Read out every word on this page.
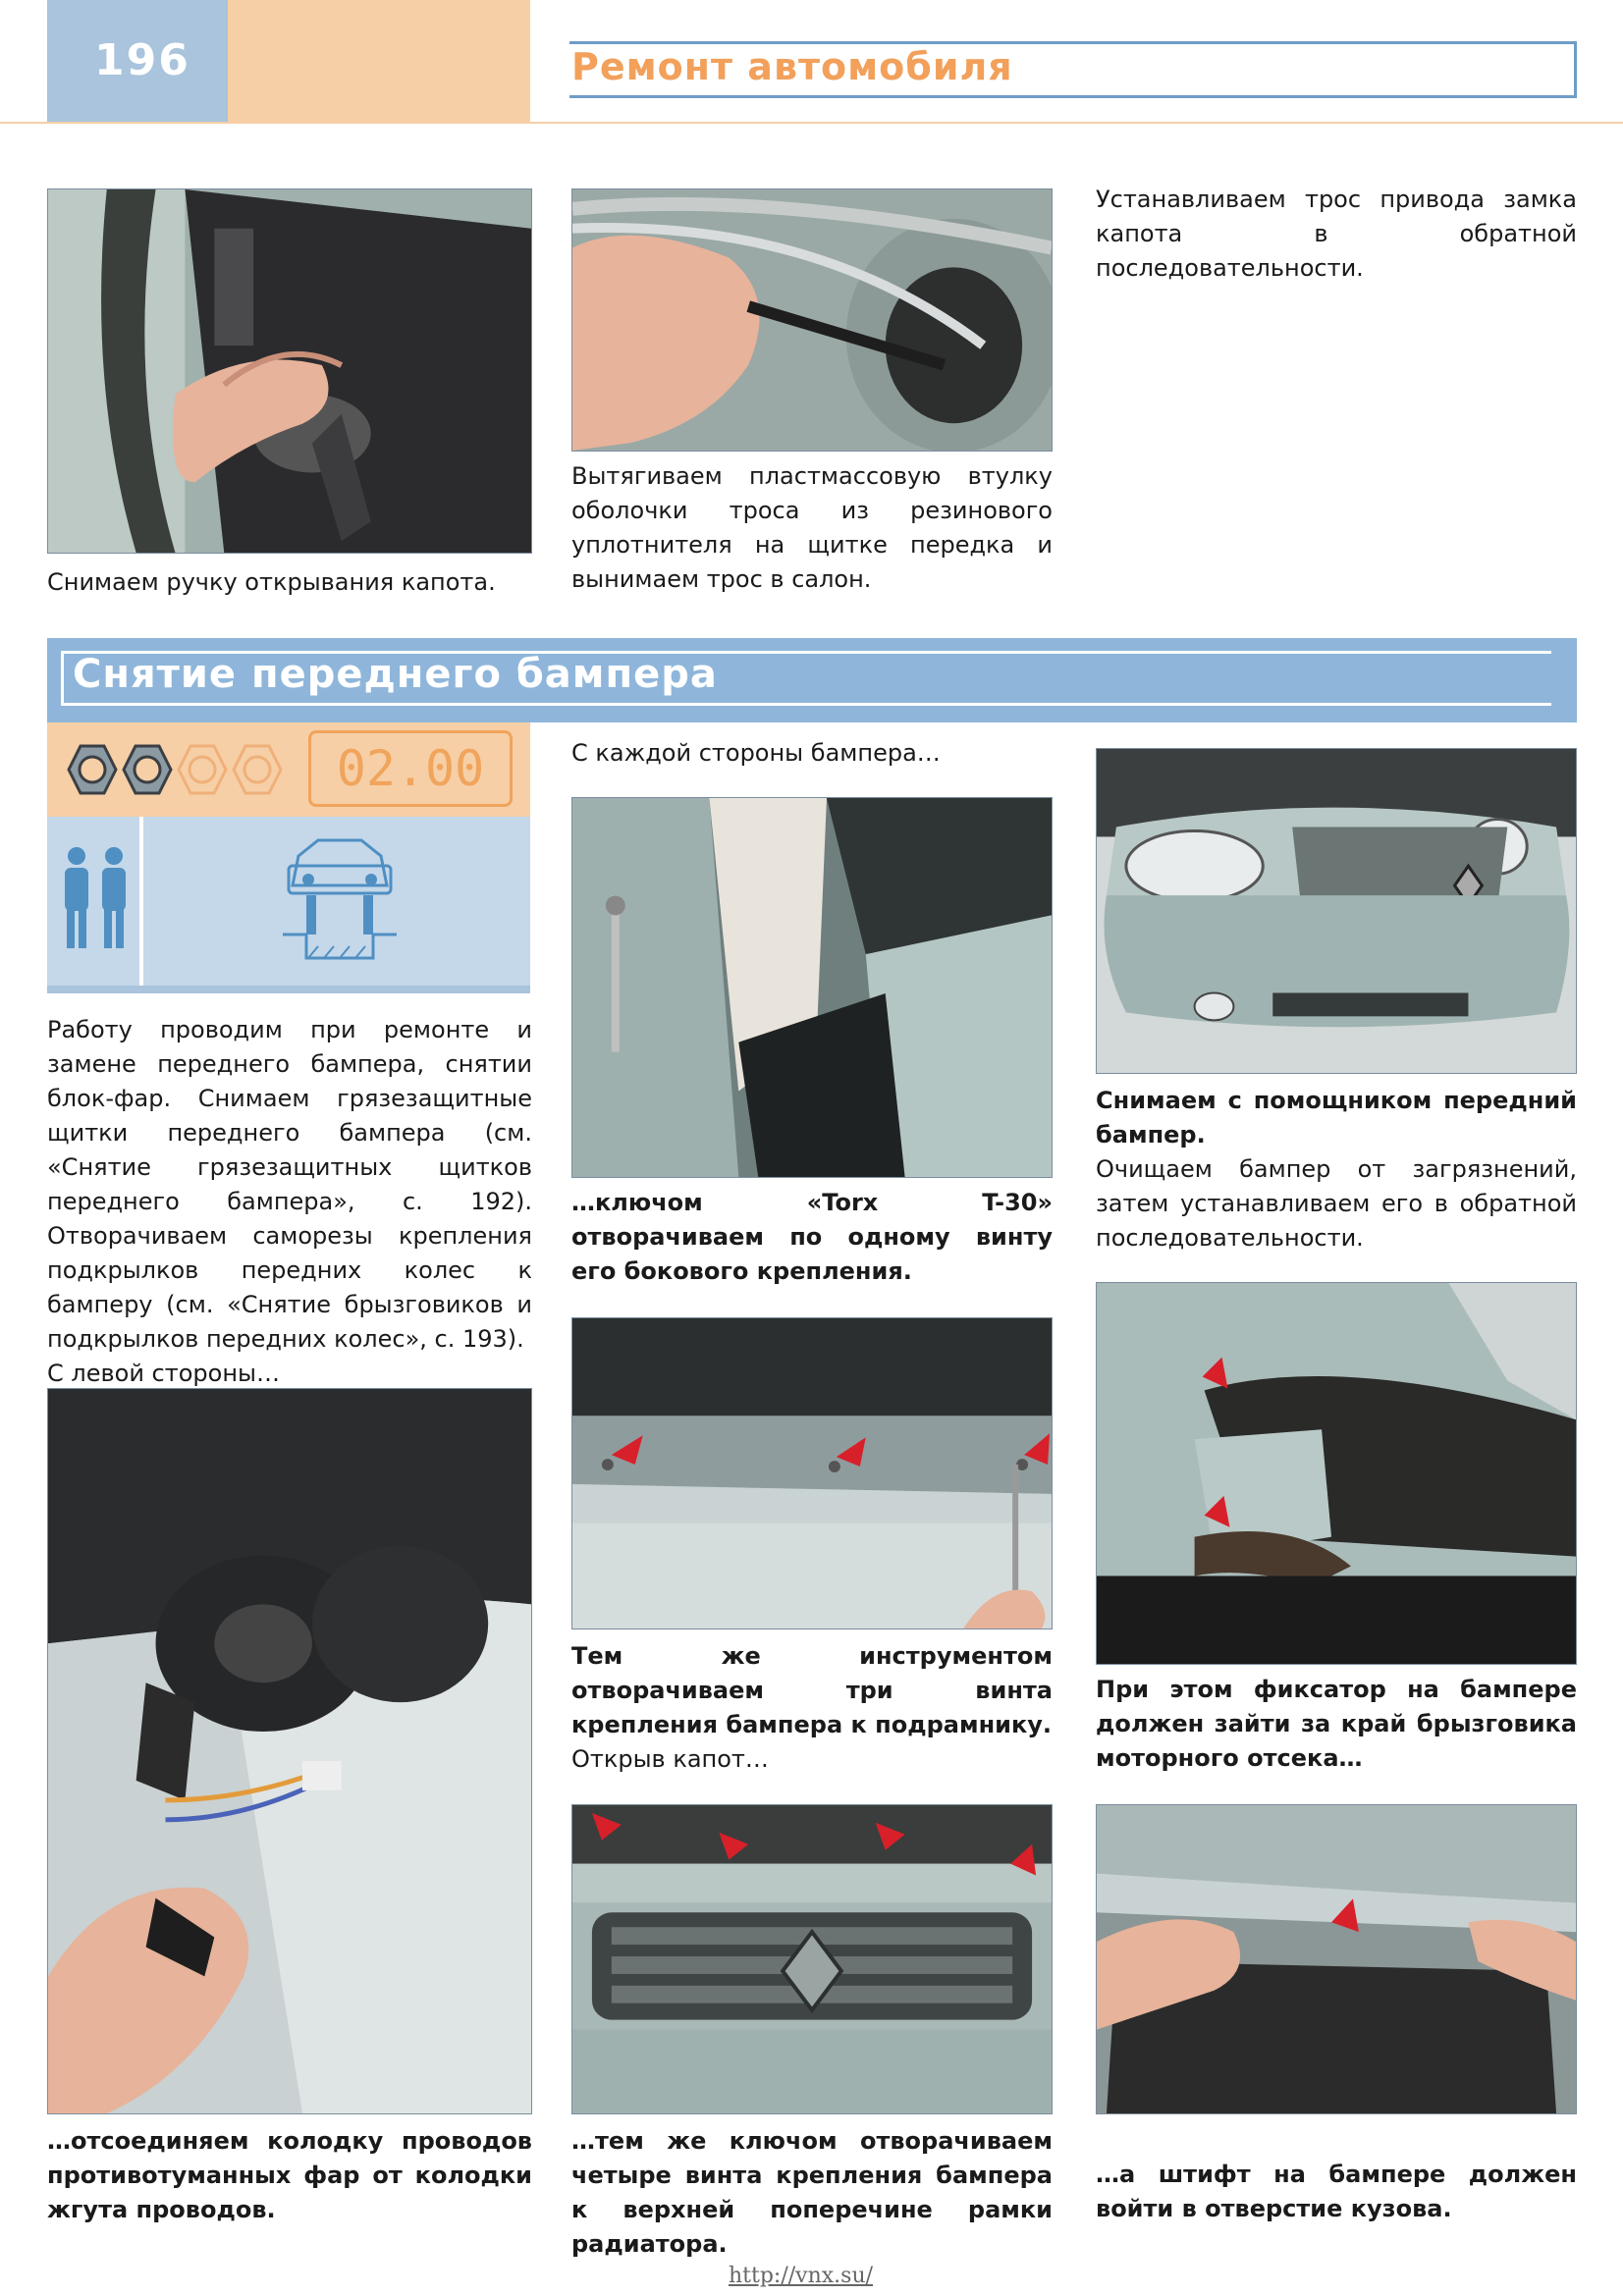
196	Ремонт автомобиля
Снимаем ручку открывания капота.
Вытягиваем пластмассовую втулку оболочки троса из резинового уплотнителя на щитке передка и вынимаем трос в салон.
Устанавливаем трос привода замка капота в обратной последовательности.
Снятие переднего бампера
02.00

Работу проводим при ремонте и замене переднего бампера, снятии блок-фар. Снимаем грязезащитные щитки переднего бампера (см. «Снятие грязезащитных щитков переднего бампера», с. 192). Отворачиваем саморезы крепления подкрылков передних колес к бамперу (см. «Снятие брызговиков и подкрылков передних колес», с. 193).

С левой стороны…

С каждой стороны бампера…

…ключом «Torx T-30» отворачиваем по одному винту его бокового крепления.

Тем же инструментом отворачиваем три винта крепления бампера к подрамнику.

Открыв капот…

…тем же ключом отворачиваем четыре винта крепления бампера к верхней поперечине рамки радиатора.

…отсоединяем колодку проводов противотуманных фар от колодки жгута проводов.

Снимаем с помощником передний бампер.

Очищаем бампер от загрязнений, затем устанавливаем его в обратной последовательности.

При этом фиксатор на бампере должен зайти за край брызговика моторного отсека…

…а штифт на бампере должен войти в отверстие кузова.

http://vnx.su/
